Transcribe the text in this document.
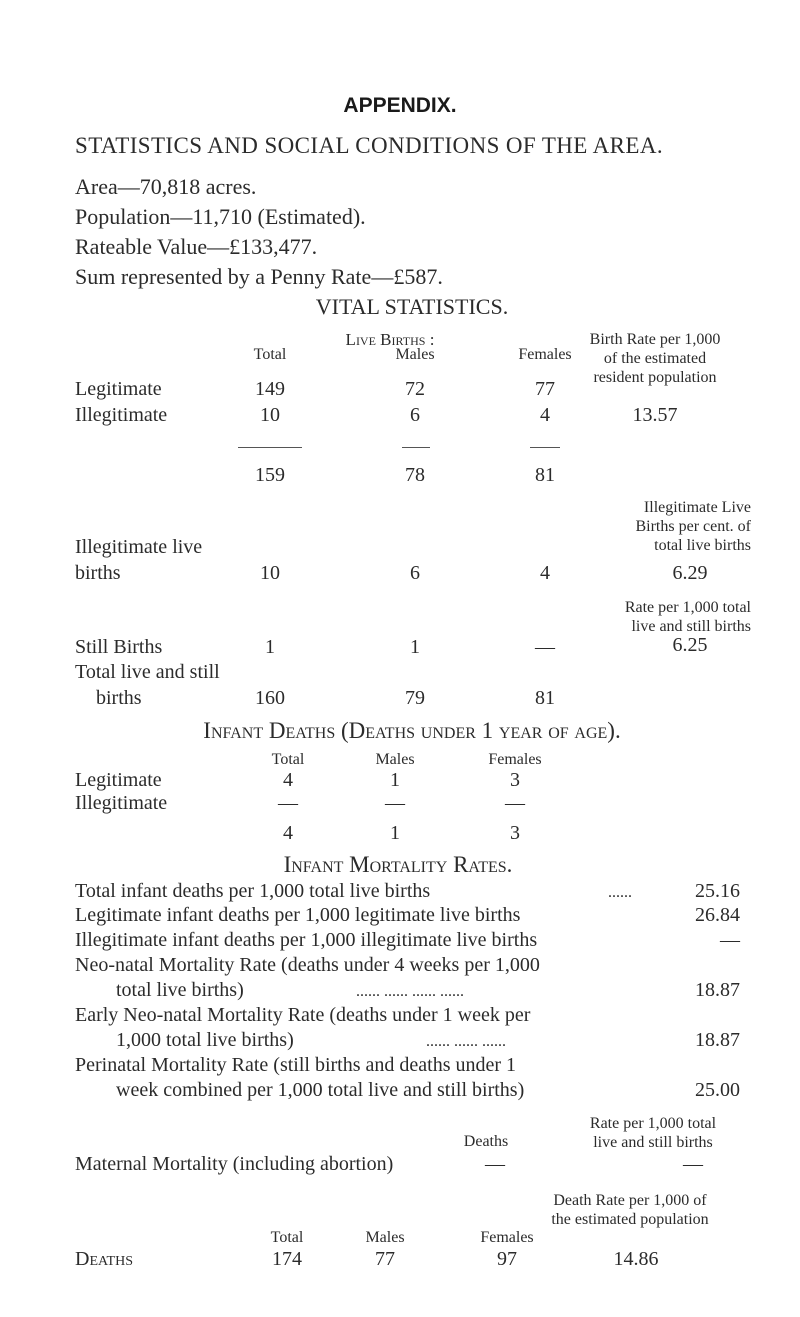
APPENDIX.
STATISTICS AND SOCIAL CONDITIONS OF THE AREA.
Area—70,818 acres.
Population—11,710 (Estimated).
Rateable Value—£133,477.
Sum represented by a Penny Rate—£587.
VITAL STATISTICS.
Live Births :
Total	Males	Females
Birth Rate per 1,000
of the estimated
resident population
Legitimate	149	72	77
Illegitimate	10	6	4	13.57
159	78	81
Illegitimate Live
Births per cent. of
total live births
Illegitimate live
births	10	6	4	6.29
Rate per 1,000 total
live and still births
Still Births	1	1	—	6.25
Total live and still
births	160	79	81
Infant Deaths (Deaths under 1 year of age).
Total	Males	Females
Legitimate	4	1	3
Illegitimate	—	—	—
4	1	3
Infant Mortality Rates.
Total infant deaths per 1,000 total live births	......	25.16
Legitimate infant deaths per 1,000 legitimate live births	26.84
Illegitimate infant deaths per 1,000 illegitimate live births	—
Neo-natal Mortality Rate (deaths under 4 weeks per 1,000
total live births)	...... ...... ...... ......	18.87
Early Neo-natal Mortality Rate (deaths under 1 week per
1,000 total live births)	...... ...... ......	18.87
Perinatal Mortality Rate (still births and deaths under 1
week combined per 1,000 total live and still births)	25.00
Rate per 1,000 total
live and still births
Deaths
Maternal Mortality (including abortion)	—	—
Death Rate per 1,000 of
the estimated population
Total	Males	Females
Deaths	174	77	97	14.86
